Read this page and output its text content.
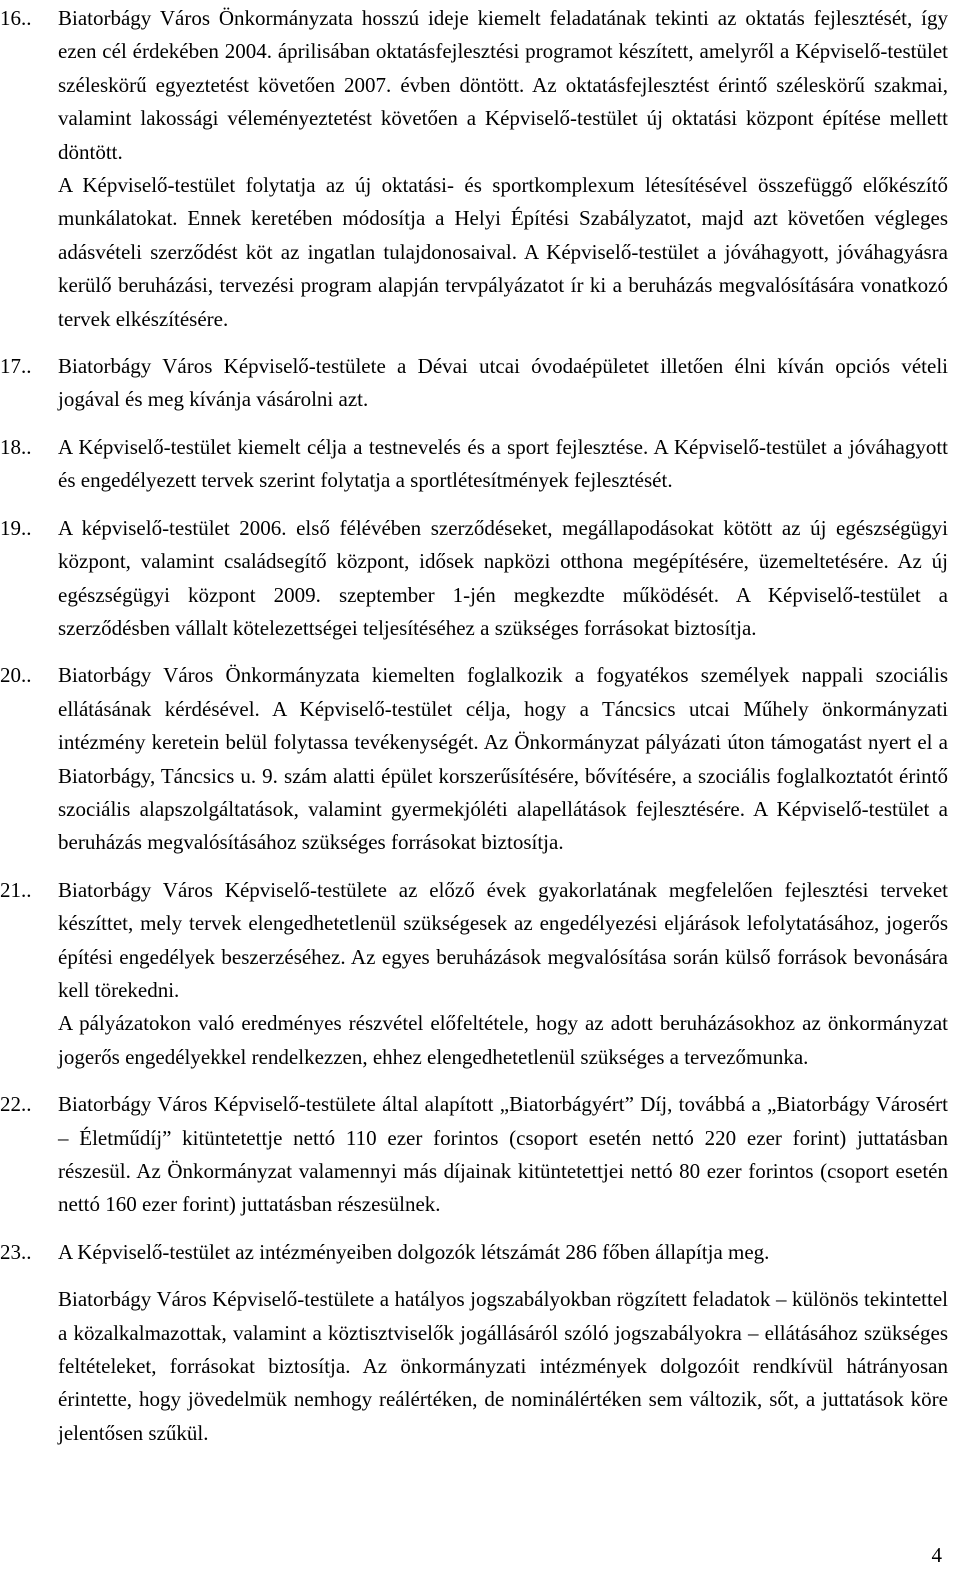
16.. Biatorbágy Város Önkormányzata hosszú ideje kiemelt feladatának tekinti az oktatás fejlesztését, így ezen cél érdekében 2004. áprilisában oktatásfejlesztési programot készített, amelyről a Képviselő-testület széleskörű egyeztetést követően 2007. évben döntött. Az oktatásfejlesztést érintő széleskörű szakmai, valamint lakossági véleményeztetést követően a Képviselő-testület új oktatási központ építése mellett döntött.

A Képviselő-testület folytatja az új oktatási- és sportkomplexum létesítésével összefüggő előkészítő munkálatokat. Ennek keretében módosítja a Helyi Építési Szabályzatot, majd azt követően végleges adásvételi szerződést köt az ingatlan tulajdonosaival. A Képviselő-testület a jóváhagyott, jóváhagyásra kerülő beruházási, tervezési program alapján tervpályázatot ír ki a beruházás megvalósítására vonatkozó tervek elkészítésére.

17.. Biatorbágy Város Képviselő-testülete a Dévai utcai óvodaépületet illetően élni kíván opciós vételi jogával és meg kívánja vásárolni azt.
18.. A Képviselő-testület kiemelt célja a testnevelés és a sport fejlesztése. A Képviselő-testület a jóváhagyott és engedélyezett tervek szerint folytatja a sportlétesítmények fejlesztését.
19.. A képviselő-testület 2006. első félévében szerződéseket, megállapodásokat kötött az új egészségügyi központ, valamint családsegítő központ, idősek napközi otthona megépítésére, üzemeltetésére. Az új egészségügyi központ 2009. szeptember 1-jén megkezdte működését. A Képviselő-testület a szerződésben vállalt kötelezettségei teljesítéséhez a szükséges forrásokat biztosítja.
20.. Biatorbágy Város Önkormányzata kiemelten foglalkozik a fogyatékos személyek nappali szociális ellátásának kérdésével. A Képviselő-testület célja, hogy a Táncsics utcai Műhely önkormányzati intézmény keretein belül folytassa tevékenységét. Az Önkormányzat pályázati úton támogatást nyert el a Biatorbágy, Táncsics u. 9. szám alatti épület korszerűsítésére, bővítésére, a szociális foglalkoztatót érintő szociális alapszolgáltatások, valamint gyermekjóléti alapellátások fejlesztésére. A Képviselő-testület a beruházás megvalósításához szükséges forrásokat biztosítja.
21.. Biatorbágy Város Képviselő-testülete az előző évek gyakorlatának megfelelően fejlesztési terveket készíttet, mely tervek elengedhetetlenül szükségesek az engedélyezési eljárások lefolytatásához, jogerős építési engedélyek beszerzéséhez. Az egyes beruházások megvalósítása során külső források bevonására kell törekedni.

A pályázatokon való eredményes részvétel előfeltétele, hogy az adott beruházásokhoz az önkormányzat jogerős engedélyekkel rendelkezzen, ehhez elengedhetetlenül szükséges a tervezőmunka.

22.. Biatorbágy Város Képviselő-testülete által alapított „Biatorbágyért” Díj, továbbá a „Biatorbágy Városért – Életműdíj” kitüntetettje nettó 110 ezer forintos (csoport esetén nettó 220 ezer forint) juttatásban részesül. Az Önkormányzat valamennyi más díjainak kitüntetettjei nettó 80 ezer forintos (csoport esetén nettó 160 ezer forint) juttatásban részesülnek.
23.. A Képviselő-testület az intézményeiben dolgozók létszámát 286 főben állapítja meg.

Biatorbágy Város Képviselő-testülete a hatályos jogszabályokban rögzített feladatok – különös tekintettel a közalkalmazottak, valamint a köztisztviselők jogállásáról szóló jogszabályokra – ellátásához szükséges feltételeket, forrásokat biztosítja. Az önkormányzati intézmények dolgozóit rendkívül hátrányosan érintette, hogy jövedelmük nemhogy reálértéken, de nominálértéken sem változik, sőt, a juttatások köre jelentősen szűkül.

4
